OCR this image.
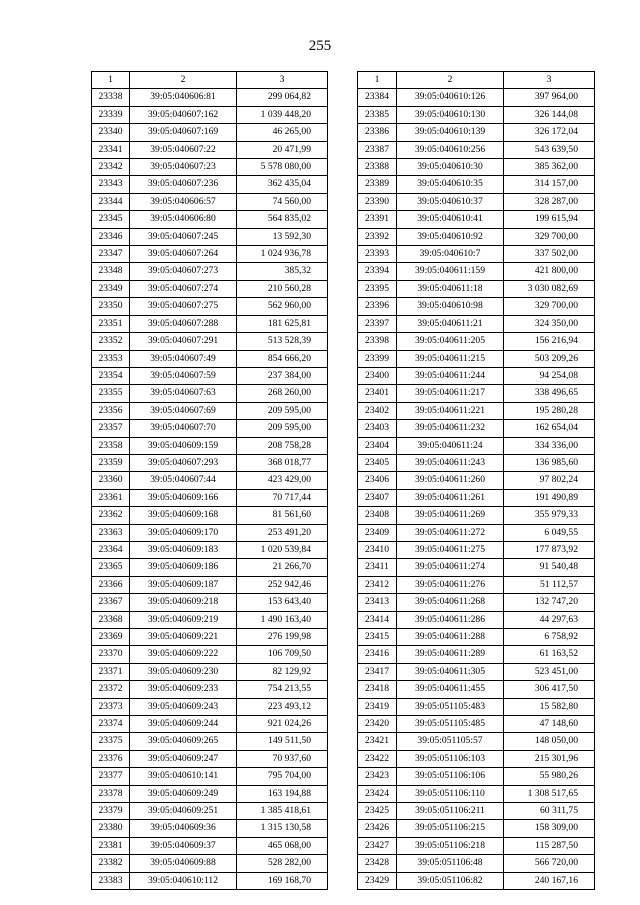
255
1	2	3
23338	39:05:040606:81	299 064,82
23339	39:05:040607:162	1 039 448,20
23340	39:05:040607:169	46 265,00
23341	39:05:040607:22	20 471,99
23342	39:05:040607:23	5 578 080,00
23343	39:05:040607:236	362 435,04
23344	39:05:040606:57	74 560,00
23345	39:05:040606:80	564 835,02
23346	39:05:040607:245	13 592,30
23347	39:05:040607:264	1 024 936,78
23348	39:05:040607:273	385,32
23349	39:05:040607:274	210 560,28
23350	39:05:040607:275	562 960,00
23351	39:05:040607:288	181 625,81
23352	39:05:040607:291	513 528,39
23353	39:05:040607:49	854 666,20
23354	39:05:040607:59	237 384,00
23355	39:05:040607:63	268 260,00
23356	39:05:040607:69	209 595,00
23357	39:05:040607:70	209 595,00
23358	39:05:040609:159	208 758,28
23359	39:05:040607:293	368 018,77
23360	39:05:040607:44	423 429,00
23361	39:05:040609:166	70 717,44
23362	39:05:040609:168	81 561,60
23363	39:05:040609:170	253 491,20
23364	39:05:040609:183	1 020 539,84
23365	39:05:040609:186	21 266,70
23366	39:05:040609:187	252 942,46
23367	39:05:040609:218	153 643,40
23368	39:05:040609:219	1 490 163,40
23369	39:05:040609:221	276 199,98
23370	39:05:040609:222	106 709,50
23371	39:05:040609:230	82 129,92
23372	39:05:040609:233	754 213,55
23373	39:05:040609:243	223 493,12
23374	39:05:040609:244	921 024,26
23375	39:05:040609:265	149 511,50
23376	39:05:040609:247	70 937,60
23377	39:05:040610:141	795 704,00
23378	39:05:040609:249	163 194,88
23379	39:05:040609:251	1 385 418,61
23380	39:05:040609:36	1 315 130,58
23381	39:05:040609:37	465 068,00
23382	39:05:040609:88	528 282,00
23383	39:05:040610:112	169 168,70
1	2	3
23384	39:05:040610:126	397 964,00
23385	39:05:040610:130	326 144,08
23386	39:05:040610:139	326 172,04
23387	39:05:040610:256	543 639,50
23388	39:05:040610:30	385 362,00
23389	39:05:040610:35	314 157,00
23390	39:05:040610:37	328 287,00
23391	39:05:040610:41	199 615,94
23392	39:05:040610:92	329 700,00
23393	39:05:040610:7	337 502,00
23394	39:05:040611:159	421 800,00
23395	39:05:040611:18	3 030 082,69
23396	39:05:040610:98	329 700,00
23397	39:05:040611:21	324 350,00
23398	39:05:040611:205	156 216,94
23399	39:05:040611:215	503 209,26
23400	39:05:040611:244	94 254,08
23401	39:05:040611:217	338 496,65
23402	39:05:040611:221	195 280,28
23403	39:05:040611:232	162 654,04
23404	39:05:040611:24	334 336,00
23405	39:05:040611:243	136 985,60
23406	39:05:040611:260	97 802,24
23407	39:05:040611:261	191 490,89
23408	39:05:040611:269	355 979,33
23409	39:05:040611:272	6 049,55
23410	39:05:040611:275	177 873,92
23411	39:05:040611:274	91 540,48
23412	39:05:040611:276	51 112,57
23413	39:05:040611:268	132 747,20
23414	39:05:040611:286	44 297,63
23415	39:05:040611:288	6 758,92
23416	39:05:040611:289	61 163,52
23417	39:05:040611:305	523 451,00
23418	39:05:040611:455	306 417,50
23419	39:05:051105:483	15 582,80
23420	39:05:051105:485	47 148,60
23421	39:05:051105:57	148 050,00
23422	39:05:051106:103	215 301,96
23423	39:05:051106:106	55 980,26
23424	39:05:051106:110	1 308 517,65
23425	39:05:051106:211	60 311,75
23426	39:05:051106:215	158 309,00
23427	39:05:051106:218	115 287,50
23428	39:05:051106:48	566 720,00
23429	39:05:051106:82	240 167,16
